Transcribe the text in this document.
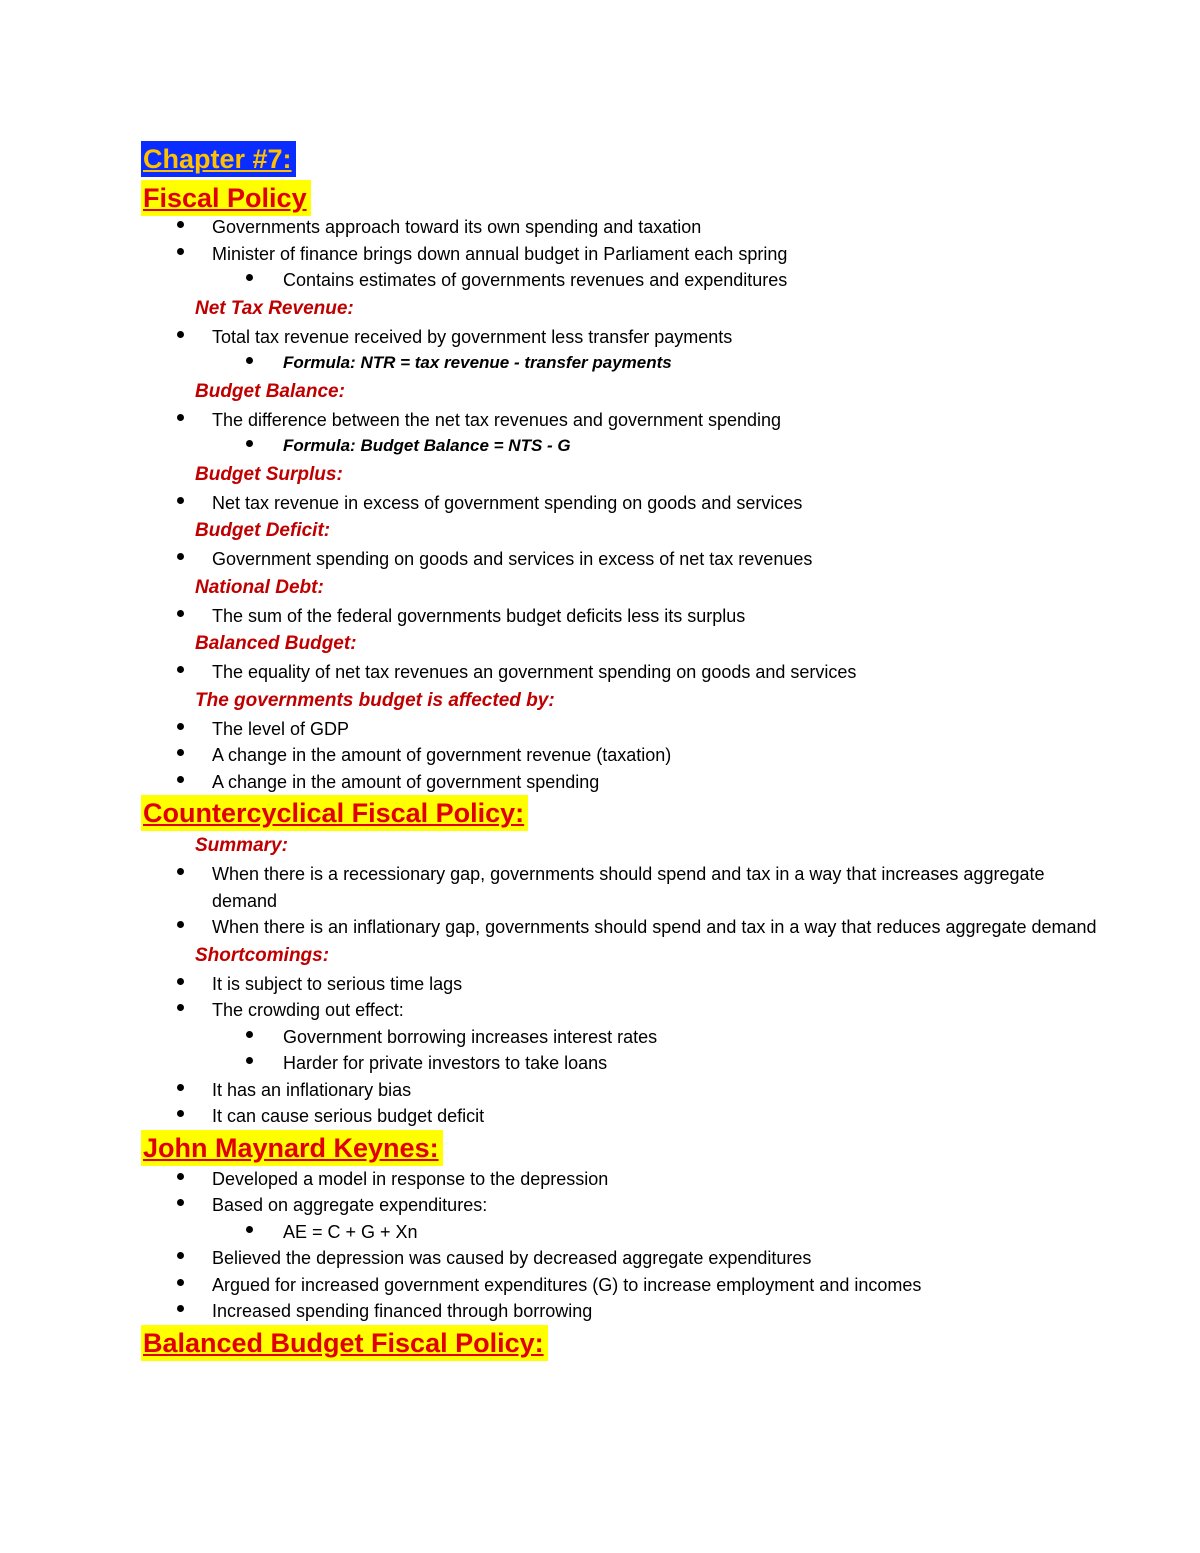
Chapter #7:
Fiscal Policy
Governments approach toward its own spending and taxation
Minister of finance brings down annual budget in Parliament each spring
Contains estimates of governments revenues and expenditures
Net Tax Revenue:
Total tax revenue received by government less transfer payments
Formula: NTR = tax revenue - transfer payments
Budget Balance:
The difference between the net tax revenues and government spending
Formula: Budget Balance = NTS - G
Budget Surplus:
Net tax revenue in excess of government spending on goods and services
Budget Deficit:
Government spending on goods and services in excess of net tax revenues
National Debt:
The sum of the federal governments budget deficits less its surplus
Balanced Budget:
The equality of net tax revenues an government spending on goods and services
The governments budget is affected by:
The level of GDP
A change in the amount of government revenue (taxation)
A change in the amount of government spending
Countercyclical Fiscal Policy:
Summary:
When there is a recessionary gap, governments should spend and tax in a way that increases aggregate demand
When there is an inflationary gap, governments should spend and tax in a way that reduces aggregate demand
Shortcomings:
It is subject to serious time lags
The crowding out effect:
Government borrowing increases interest rates
Harder for private investors to take loans
It has an inflationary bias
It can cause serious budget deficit
John Maynard Keynes:
Developed a model in response to the depression
Based on aggregate expenditures:
AE = C + G + Xn
Believed the depression was caused by decreased aggregate expenditures
Argued for increased government expenditures (G) to increase employment and incomes
Increased spending financed through borrowing
Balanced Budget Fiscal Policy:
